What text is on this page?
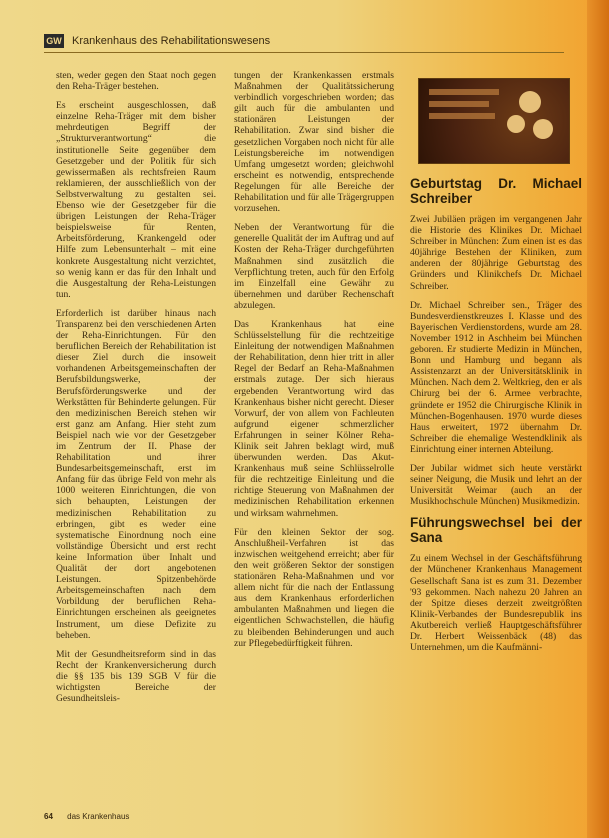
GW Krankenhaus des Rehabilitationswesens

sten, weder gegen den Staat noch gegen den Reha-Träger bestehen.

Es erscheint ausgeschlossen, daß einzelne Reha-Träger mit dem bisher mehrdeutigen Begriff der „Strukturverantwortung“ die institutionelle Seite gegenüber dem Gesetzgeber und der Politik für sich gewissermaßen als rechtsfreien Raum reklamieren, der ausschließlich von der Selbstverwaltung zu gestalten sei. Ebenso wie der Gesetzgeber für die übrigen Leistungen der Reha-Träger beispielsweise für Renten, Arbeitsförderung, Krankengeld oder Hilfe zum Lebensunterhalt – mit eine konkrete Ausgestaltung nicht verzichtet, so wenig kann er das für den Inhalt und die Ausgestaltung der Reha-Leistungen tun.

Erforderlich ist darüber hinaus nach Transparenz bei den verschiedenen Arten der Reha-Einrichtungen. Für den beruflichen Bereich der Rehabilitation ist dieser Ziel durch die insoweit vorhandenen Arbeitsgemeinschaften der Berufsbildungswerke, der Berufsförderungswerke und der Werkstätten für Behinderte gelungen. Für den medizinischen Bereich stehen wir erst ganz am Anfang. Hier steht zum Beispiel nach wie vor der Gesetzgeber im Zentrum der II. Phase der Rehabilitation und ihrer Bundesarbeitsgemeinschaft, erst im Anfang für das übrige Feld von mehr als 1000 weiteren Einrichtungen, die von sich behaupten, Leistungen der medizinischen Rehabilitation zu erbringen, gibt es weder eine systematische Einordnung noch eine vollständige Übersicht und erst recht keine Information über Inhalt und Qualität der dort angebotenen Leistungen. Spitzenbehörde Arbeitsgemeinschaften nach dem Vorbildung der beruflichen Reha-Einrichtungen erscheinen als geeignetes Instrument, um diese Defizite zu beheben.

Mit der Gesundheitsreform sind in das Recht der Krankenversicherung durch die §§ 135 bis 139 SGB V für die wichtigsten Bereiche der Gesundheitsleis-

tungen der Krankenkassen erstmals Maßnahmen der Qualitätssicherung verbindlich vorgeschrieben worden; das gilt auch für die ambulanten und stationären Leistungen der Rehabilitation. Zwar sind bisher die gesetzlichen Vorgaben noch nicht für alle Leistungsbereiche im notwendigen Umfang umgesetzt worden; gleichwohl erscheint es notwendig, entsprechende Regelungen für alle Bereiche der Rehabilitation und für alle Trägergruppen vorzusehen.

Neben der Verantwortung für die generelle Qualität der im Auftrag und auf Kosten der Reha-Träger durchgeführten Maßnahmen sind zusätzlich die Verpflichtung treten, auch für den Erfolg im Einzelfall eine Gewähr zu übernehmen und darüber Rechenschaft abzulegen.

Das Krankenhaus hat eine Schlüsselstellung für die rechtzeitige Einleitung der notwendigen Maßnahmen der Rehabilitation, denn hier tritt in aller Regel der Bedarf an Reha-Maßnahmen erstmals zutage. Der sich hieraus ergebenden Verantwortung wird das Krankenhaus bisher nicht gerecht. Dieser Vorwurf, der von allem von Fachleuten aufgrund eigener schmerzlicher Erfahrungen in seiner Kölner Reha-Klinik seit Jahren beklagt wird, muß überwunden werden. Das Akut-Krankenhaus muß seine Schlüsselrolle für die rechtzeitige Einleitung und die richtige Steuerung von Maßnahmen der medizinischen Rehabilitation erkennen und wirksam wahrnehmen.

Für den kleinen Sektor der sog. Anschlußheil-Verfahren ist das inzwischen weitgehend erreicht; aber für den weit größeren Sektor der sonstigen stationären Reha-Maßnahmen und vor allem nicht für die nach der Entlassung aus dem Krankenhaus erforderlichen ambulanten Maßnahmen und liegen die eigentlichen Schwachstellen, die häufig zu bleibenden Behinderungen und auch zur Pflegebedürftigkeit führen.

Geburtstag Dr. Michael Schreiber

Zwei Jubiläen prägen im vergangenen Jahr die Historie des Klinikes Dr. Michael Schreiber in München: Zum einen ist es das 40jährige Bestehen der Kliniken, zum anderen der 80jährige Geburtstag des Gründers und Klinikchefs Dr. Michael Schreiber.

Dr. Michael Schreiber sen., Träger des Bundesverdienstkreuzes I. Klasse und des Bayerischen Verdienstordens, wurde am 28. November 1912 in Aschheim bei München geboren. Er studierte Medizin in München, Bonn und Hamburg und begann als Assistenzarzt an der Universitätsklinik in München. Nach dem 2. Weltkrieg, den er als Chirurg bei der 6. Armee verbrachte, gründete er 1952 die Chirurgische Klinik in München-Bogenhausen. 1970 wurde dieses Haus erweitert, 1972 übernahm Dr. Schreiber die ehemalige Westendklinik als Einrichtung einer internen Abteilung.

Der Jubilar widmet sich heute verstärkt seiner Neigung, die Musik und lehrt an der Universität Weimar (auch an der Musikhochschule München) Musikmedizin.

Führungswechsel bei der Sana

Zu einem Wechsel in der Geschäftsführung der Münchener Krankenhaus Management Gesellschaft Sana ist es zum 31. Dezember '93 gekommen. Nach nahezu 20 Jahren an der Spitze dieses derzeit zweitgrößten Klinik-Verbandes der Bundesrepublik ins Akutbereich verließ Hauptgeschäftsführer Dr. Herbert Weissenbäck (48) das Unternehmen, um die Kaufmänni-

64 das Krankenhaus
